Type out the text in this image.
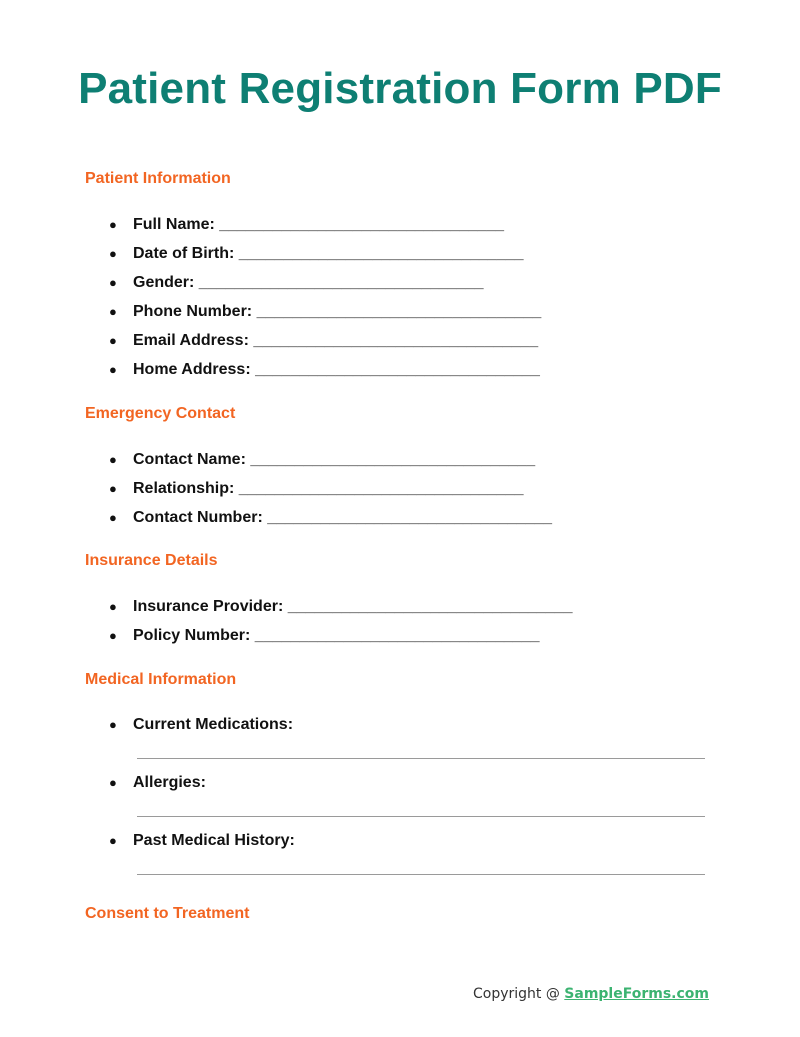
Patient Registration Form PDF
Patient Information
● Full Name: ________________________________
● Date of Birth: ________________________________
● Gender: ________________________________
● Phone Number: ________________________________
● Email Address: ________________________________
● Home Address: ________________________________
Emergency Contact
● Contact Name: ________________________________
● Relationship: ________________________________
● Contact Number: ________________________________
Insurance Details
● Insurance Provider: ________________________________
● Policy Number: ________________________________
Medical Information
● Current Medications:
● Allergies:
● Past Medical History:
Consent to Treatment
Copyright @ SampleForms.com
